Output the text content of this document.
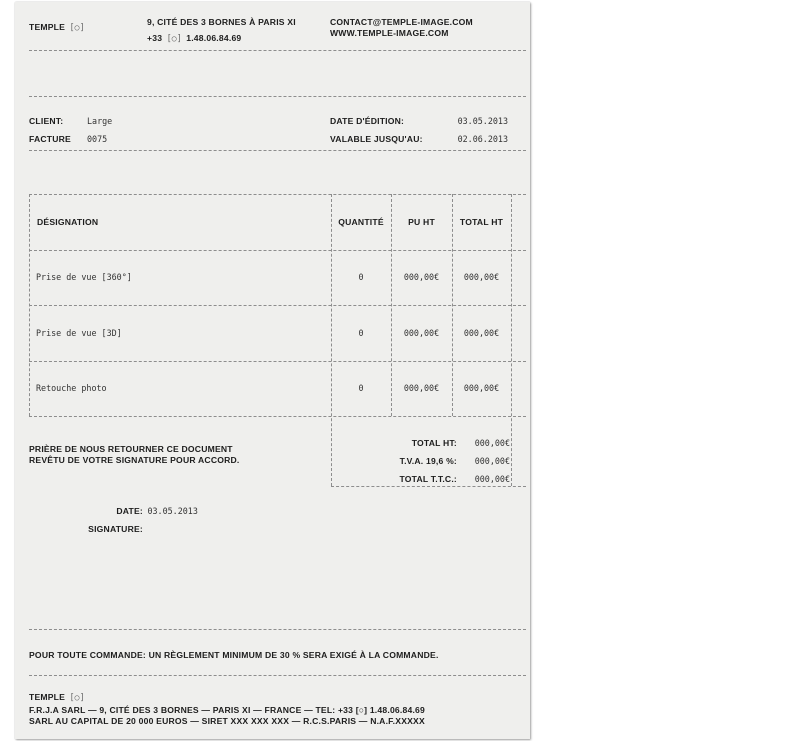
TEMPLE [○]	9, CITÉ DES 3 BORNES À PARIS XI
+33 [○] 1.48.06.84.69
CONTACT@TEMPLE-IMAGE.COM
WWW.TEMPLE-IMAGE.COM
CLIENT:	Large
FACTURE 0075
DATE D'ÉDITION:	03.05.2013
VALABLE JUSQU'AU:	02.06.2013
DÉSIGNATION	QUANTITÉ	PU HT	TOTAL HT
Prise de vue [360°]	0	000,00€	000,00€
Prise de vue [3D]	0	000,00€	000,00€
Retouche photo	0	000,00€	000,00€
PRIÈRE DE NOUS RETOURNER CE DOCUMENT
REVÊTU DE VOTRE SIGNATURE POUR ACCORD.
TOTAL HT: 000,00€
T.V.A. 19,6 %: 000,00€
TOTAL T.T.C.: 000,00€
DATE: 03.05.2013
SIGNATURE:
POUR TOUTE COMMANDE: UN RÈGLEMENT MINIMUM DE 30 % SERA EXIGÉ À LA COMMANDE.
TEMPLE [○]
F.R.J.A SARL — 9, CITÉ DES 3 BORNES — PARIS XI — FRANCE — TEL: +33 [○] 1.48.06.84.69
SARL AU CAPITAL DE 20 000 EUROS — SIRET XXX XXX XXX — R.C.S.PARIS — N.A.F.XXXXX
